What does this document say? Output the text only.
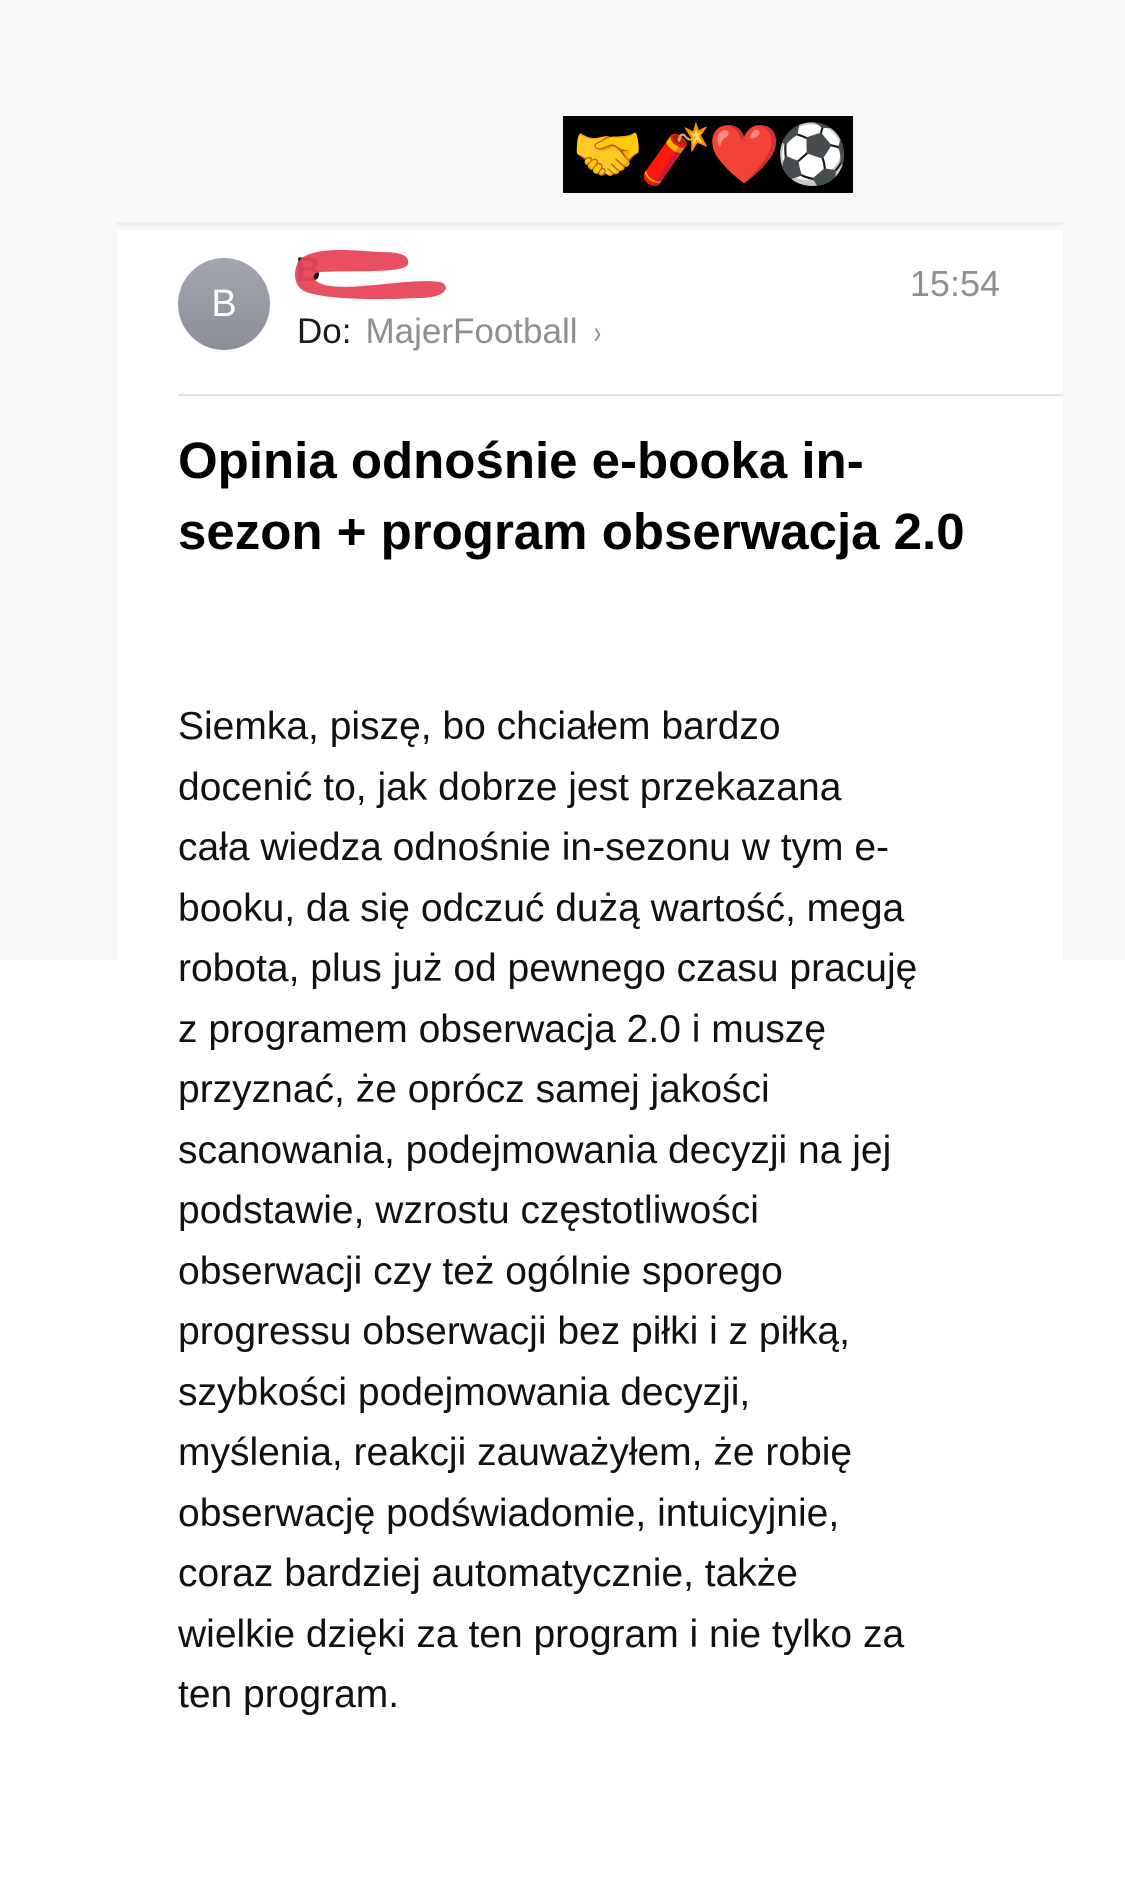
🤝🧨❤️⚽
B
Do: MajerFootball ›
15:54
Opinia odnośnie e-booka in-sezon + program obserwacja 2.0
Siemka, piszę, bo chciałem bardzo
docenić to, jak dobrze jest przekazana
cała wiedza odnośnie in-sezonu w tym e-
booku, da się odczuć dużą wartość, mega
robota, plus już od pewnego czasu pracuję
z programem obserwacja 2.0 i muszę
przyznać, że oprócz samej jakości
scanowania, podejmowania decyzji na jej
podstawie, wzrostu częstotliwości
obserwacji czy też ogólnie sporego
progressu obserwacji bez piłki i z piłką,
szybkości podejmowania decyzji,
myślenia, reakcji zauważyłem, że robię
obserwację podświadomie, intuicyjnie,
coraz bardziej automatycznie, także
wielkie dzięki za ten program i nie tylko za
ten program.
